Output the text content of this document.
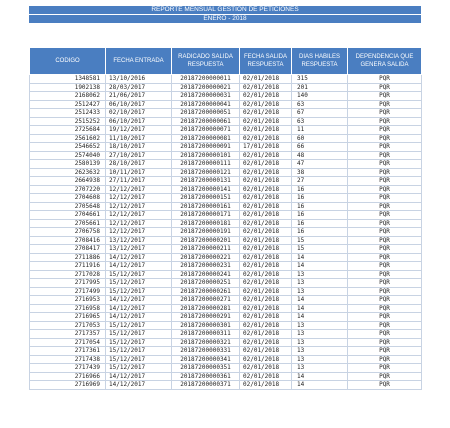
REPORTE MENSUAL GESTION DE PETICIONES
ENERO - 2018
CODIGO	FECHA ENTRADA	RADICADO SALIDA RESPUESTA	FECHA SALIDA RESPUESTA	DIAS HABILES RESPUESTA	DEPENDENCIA QUE GENERA SALIDA
1348581	13/10/2016	20187200000011	02/01/2018	315	PQR
1902138	28/03/2017	20187200000021	02/01/2018	201	PQR
2168062	21/06/2017	20187200000031	02/01/2018	140	PQR
2512427	06/10/2017	20187200000041	02/01/2018	63	PQR
2512433	02/10/2017	20187200000051	02/01/2018	67	PQR
2515252	06/10/2017	20187200000061	02/01/2018	63	PQR
2725684	19/12/2017	20187200000071	02/01/2018	11	PQR
2561602	11/10/2017	20187200000081	02/01/2018	60	PQR
2546652	18/10/2017	20187200000091	17/01/2018	66	PQR
2574040	27/10/2017	20187200000101	02/01/2018	48	PQR
2580139	28/10/2017	20187200000111	02/01/2018	47	PQR
2623632	10/11/2017	20187200000121	02/01/2018	38	PQR
2664938	27/11/2017	20187200000131	02/01/2018	27	PQR
2707220	12/12/2017	20187200000141	02/01/2018	16	PQR
2704608	12/12/2017	20187200000151	02/01/2018	16	PQR
2705648	12/12/2017	20187200000161	02/01/2018	16	PQR
2704661	12/12/2017	20187200000171	02/01/2018	16	PQR
2705661	12/12/2017	20187200000181	02/01/2018	16	PQR
2706758	12/12/2017	20187200000191	02/01/2018	16	PQR
2708416	13/12/2017	20187200000201	02/01/2018	15	PQR
2708417	13/12/2017	20187200000211	02/01/2018	15	PQR
2711886	14/12/2017	20187200000221	02/01/2018	14	PQR
2711916	14/12/2017	20187200000231	02/01/2018	14	PQR
2717028	15/12/2017	20187200000241	02/01/2018	13	PQR
2717995	15/12/2017	20187200000251	02/01/2018	13	PQR
2717499	15/12/2017	20187200000261	02/01/2018	13	PQR
2716953	14/12/2017	20187200000271	02/01/2018	14	PQR
2716958	14/12/2017	20187200000281	02/01/2018	14	PQR
2716965	14/12/2017	20187200000291	02/01/2018	14	PQR
2717053	15/12/2017	20187200000301	02/01/2018	13	PQR
2717357	15/12/2017	20187200000311	02/01/2018	13	PQR
2717054	15/12/2017	20187200000321	02/01/2018	13	PQR
2717361	15/12/2017	20187200000331	02/01/2018	13	PQR
2717438	15/12/2017	20187200000341	02/01/2018	13	PQR
2717439	15/12/2017	20187200000351	02/01/2018	13	PQR
2716966	14/12/2017	20187200000361	02/01/2018	14	PQR
2716969	14/12/2017	20187200000371	02/01/2018	14	PQR
